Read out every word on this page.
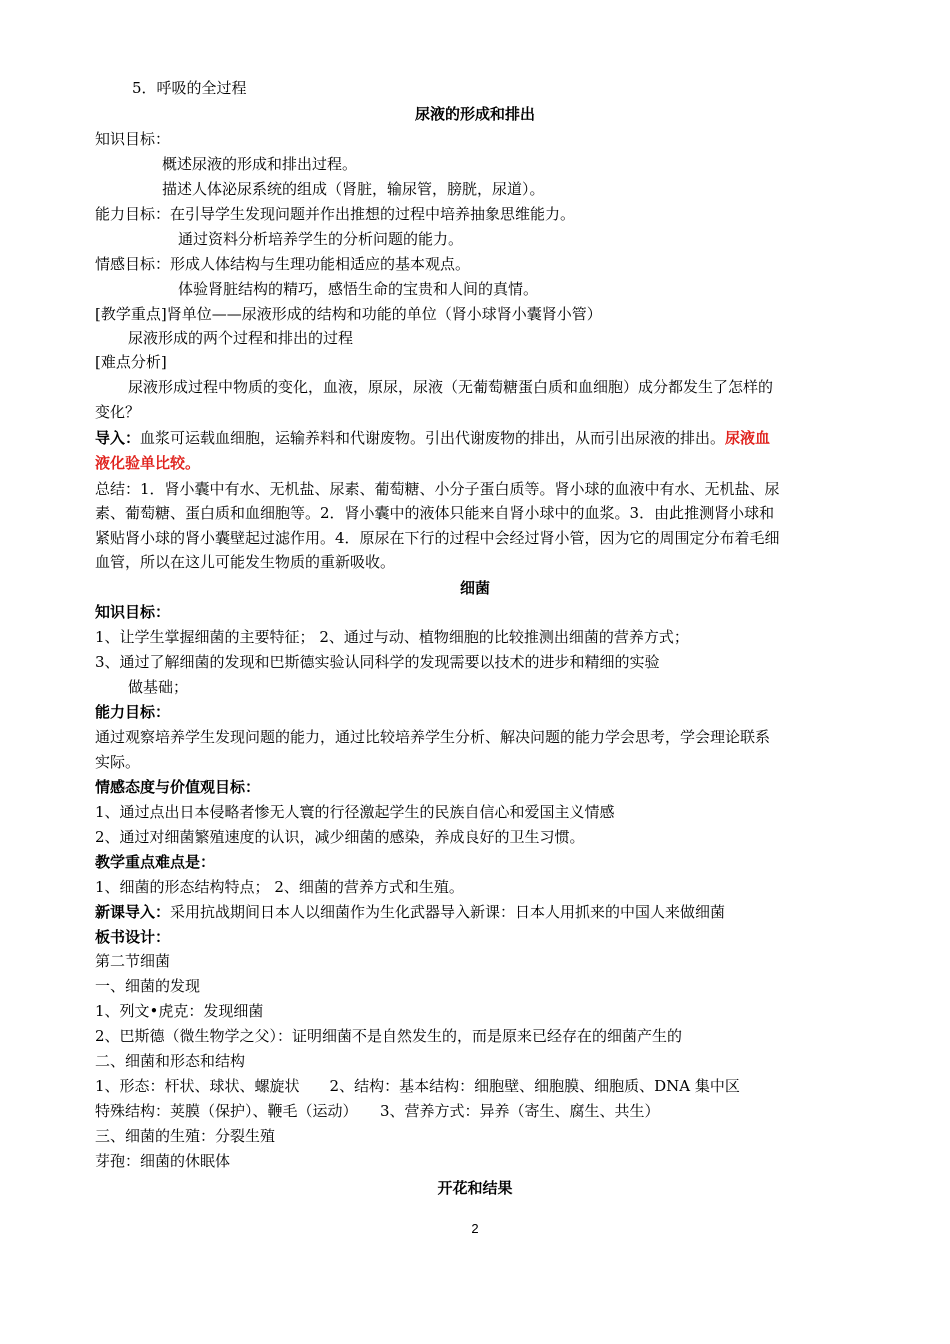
5．呼吸的全过程
尿液的形成和排出
知识目标：
概述尿液的形成和排出过程。
描述人体泌尿系统的组成（肾脏，输尿管，膀胱，尿道）。
能力目标：在引导学生发现问题并作出推想的过程中培养抽象思维能力。
通过资料分析培养学生的分析问题的能力。
情感目标：形成人体结构与生理功能相适应的基本观点。
体验肾脏结构的精巧，感悟生命的宝贵和人间的真情。
[教学重点]肾单位——尿液形成的结构和功能的单位（肾小球肾小囊肾小管）
尿液形成的两个过程和排出的过程
[难点分析]
尿液形成过程中物质的变化，血液，原尿，尿液（无葡萄糖蛋白质和血细胞）成分都发生了怎样的
变化？
导入：血浆可运载血细胞，运输养料和代谢废物。引出代谢废物的排出，从而引出尿液的排出。尿液血
液化验单比较。
总结：1．肾小囊中有水、无机盐、尿素、葡萄糖、小分子蛋白质等。肾小球的血液中有水、无机盐、尿
素、葡萄糖、蛋白质和血细胞等。2．肾小囊中的液体只能来自肾小球中的血浆。3．由此推测肾小球和
紧贴肾小球的肾小囊壁起过滤作用。4．原尿在下行的过程中会经过肾小管，因为它的周围定分布着毛细
血管，所以在这儿可能发生物质的重新吸收。
细菌
知识目标：
1、让学生掌握细菌的主要特征； 2、通过与动、植物细胞的比较推测出细菌的营养方式；
3、通过了解细菌的发现和巴斯德实验认同科学的发现需要以技术的进步和精细的实验
做基础；
能力目标：
通过观察培养学生发现问题的能力，通过比较培养学生分析、解决问题的能力学会思考，学会理论联系
实际。
情感态度与价值观目标：
1、通过点出日本侵略者惨无人寰的行径激起学生的民族自信心和爱国主义情感
2、通过对细菌繁殖速度的认识，减少细菌的感染，养成良好的卫生习惯。
教学重点难点是：
1、细菌的形态结构特点； 2、细菌的营养方式和生殖。
新课导入：采用抗战期间日本人以细菌作为生化武器导入新课：日本人用抓来的中国人来做细菌
板书设计：
第二节细菌
一、细菌的发现
1、列文•虎克：发现细菌
2、巴斯德（微生物学之父）：证明细菌不是自然发生的，而是原来已经存在的细菌产生的
二、细菌和形态和结构
1、形态：杆状、球状、螺旋状　　2、结构：基本结构：细胞壁、细胞膜、细胞质、DNA 集中区
特殊结构：荚膜（保护）、鞭毛（运动）　　3、营养方式：异养（寄生、腐生、共生）
三、细菌的生殖：分裂生殖
芽孢：细菌的休眠体
开花和结果
2
